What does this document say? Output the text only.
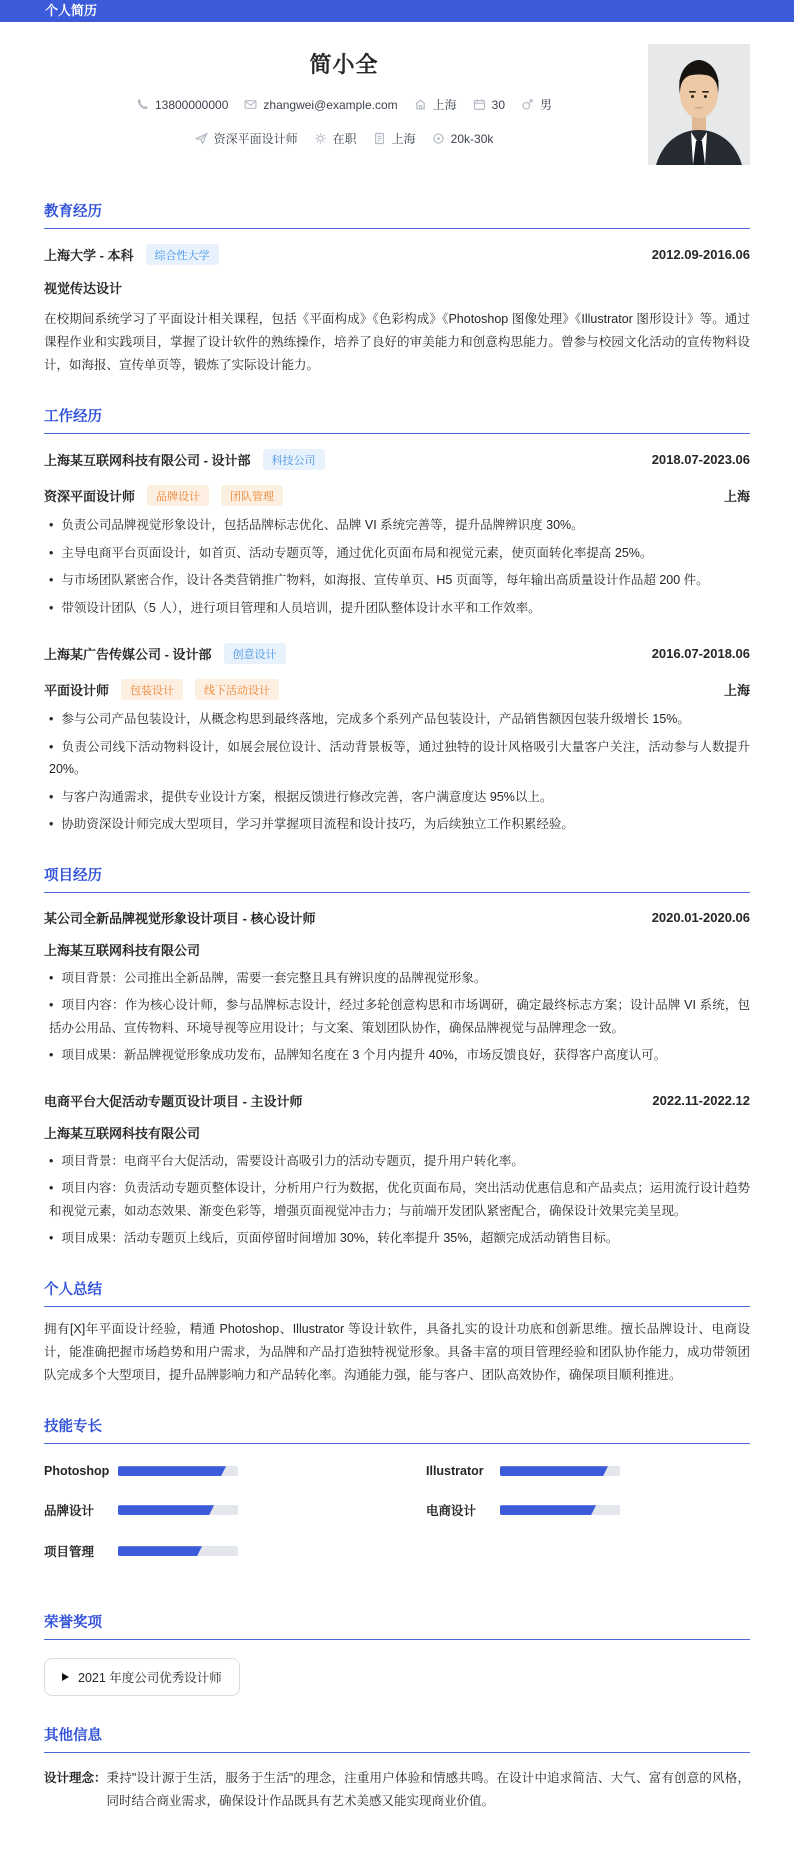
个人简历
简小全
13800000000	zhangwei@example.com	上海	30	男
资深平面设计师	在职	上海	20k-30k
教育经历
上海大学 - 本科	综合性大学	2012.09-2016.06
视觉传达设计
在校期间系统学习了平面设计相关课程，包括《平面构成》《色彩构成》《Photoshop 图像处理》《Illustrator 图形设计》等。通过课程作业和实践项目，掌握了设计软件的熟练操作，培养了良好的审美能力和创意构思能力。曾参与校园文化活动的宣传物料设计，如海报、宣传单页等，锻炼了实际设计能力。
工作经历
上海某互联网科技有限公司 - 设计部	科技公司	2018.07-2023.06
资深平面设计师	品牌设计	团队管理	上海
• 负责公司品牌视觉形象设计，包括品牌标志优化、品牌 VI 系统完善等，提升品牌辨识度 30%。
• 主导电商平台页面设计，如首页、活动专题页等，通过优化页面布局和视觉元素，使页面转化率提高 25%。
• 与市场团队紧密合作，设计各类营销推广物料，如海报、宣传单页、H5 页面等，每年输出高质量设计作品超 200 件。
• 带领设计团队（5 人），进行项目管理和人员培训，提升团队整体设计水平和工作效率。
上海某广告传媒公司 - 设计部	创意设计	2016.07-2018.06
平面设计师	包装设计	线下活动设计	上海
• 参与公司产品包装设计，从概念构思到最终落地，完成多个系列产品包装设计，产品销售额因包装升级增长 15%。
• 负责公司线下活动物料设计，如展会展位设计、活动背景板等，通过独特的设计风格吸引大量客户关注，活动参与人数提升 20%。
• 与客户沟通需求，提供专业设计方案，根据反馈进行修改完善，客户满意度达 95%以上。
• 协助资深设计师完成大型项目，学习并掌握项目流程和设计技巧，为后续独立工作积累经验。
项目经历
某公司全新品牌视觉形象设计项目 - 核心设计师	2020.01-2020.06
上海某互联网科技有限公司
• 项目背景：公司推出全新品牌，需要一套完整且具有辨识度的品牌视觉形象。
• 项目内容：作为核心设计师，参与品牌标志设计，经过多轮创意构思和市场调研，确定最终标志方案；设计品牌 VI 系统，包括办公用品、宣传物料、环境导视等应用设计；与文案、策划团队协作，确保品牌视觉与品牌理念一致。
• 项目成果：新品牌视觉形象成功发布，品牌知名度在 3 个月内提升 40%，市场反馈良好，获得客户高度认可。
电商平台大促活动专题页设计项目 - 主设计师	2022.11-2022.12
上海某互联网科技有限公司
• 项目背景：电商平台大促活动，需要设计高吸引力的活动专题页，提升用户转化率。
• 项目内容：负责活动专题页整体设计，分析用户行为数据，优化页面布局，突出活动优惠信息和产品卖点；运用流行设计趋势和视觉元素，如动态效果、渐变色彩等，增强页面视觉冲击力；与前端开发团队紧密配合，确保设计效果完美呈现。
• 项目成果：活动专题页上线后，页面停留时间增加 30%，转化率提升 35%，超额完成活动销售目标。
个人总结
拥有[X]年平面设计经验，精通 Photoshop、Illustrator 等设计软件，具备扎实的设计功底和创新思维。擅长品牌设计、电商设计，能准确把握市场趋势和用户需求，为品牌和产品打造独特视觉形象。具备丰富的项目管理经验和团队协作能力，成功带领团队完成多个大型项目，提升品牌影响力和产品转化率。沟通能力强，能与客户、团队高效协作，确保项目顺利推进。
技能专长
Photoshop	Illustrator
品牌设计	电商设计
项目管理
荣誉奖项
2021 年度公司优秀设计师
其他信息
设计理念： 秉持"设计源于生活，服务于生活"的理念，注重用户体验和情感共鸣。在设计中追求简洁、大气、富有创意的风格，同时结合商业需求，确保设计作品既具有艺术美感又能实现商业价值。
